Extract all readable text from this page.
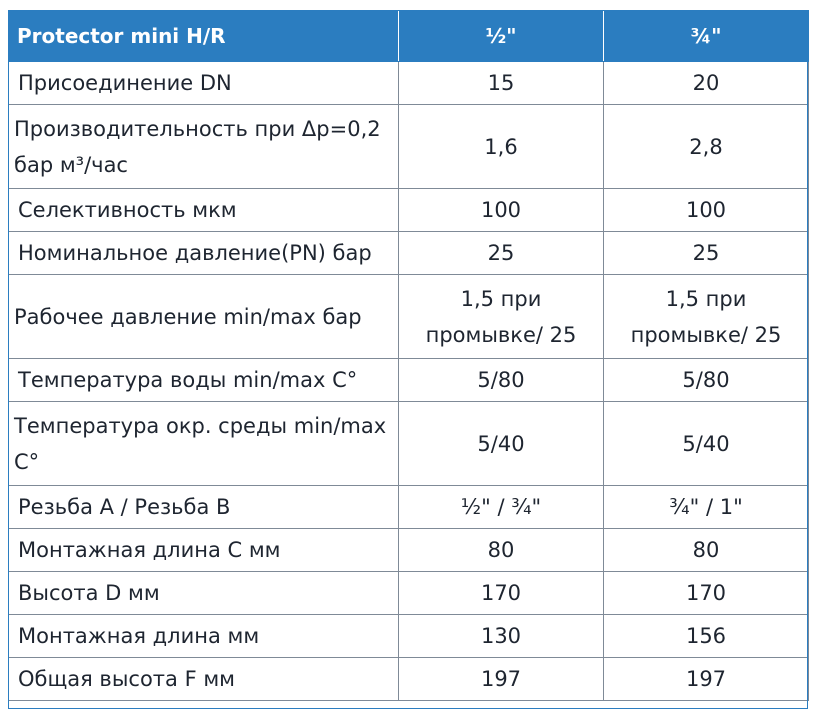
Protector mini H/R	½"	¾"
Присоединение DN	15	20
Производительность при Δp=0,2 бар м³/час	1,6	2,8
Селективность мкм	100	100
Номинальное давление(PN) бар	25	25
Рабочее давление min/max бар	1,5 при промывке/ 25	1,5 при промывке/ 25
Температура воды min/max C°	5/80	5/80
Температура окр. среды min/max C°	5/40	5/40
Резьба A / Резьба B	½" / ¾"	¾" / 1"
Монтажная длина C мм	80	80
Высота D мм	170	170
Монтажная длина мм	130	156
Общая высота F мм	197	197
